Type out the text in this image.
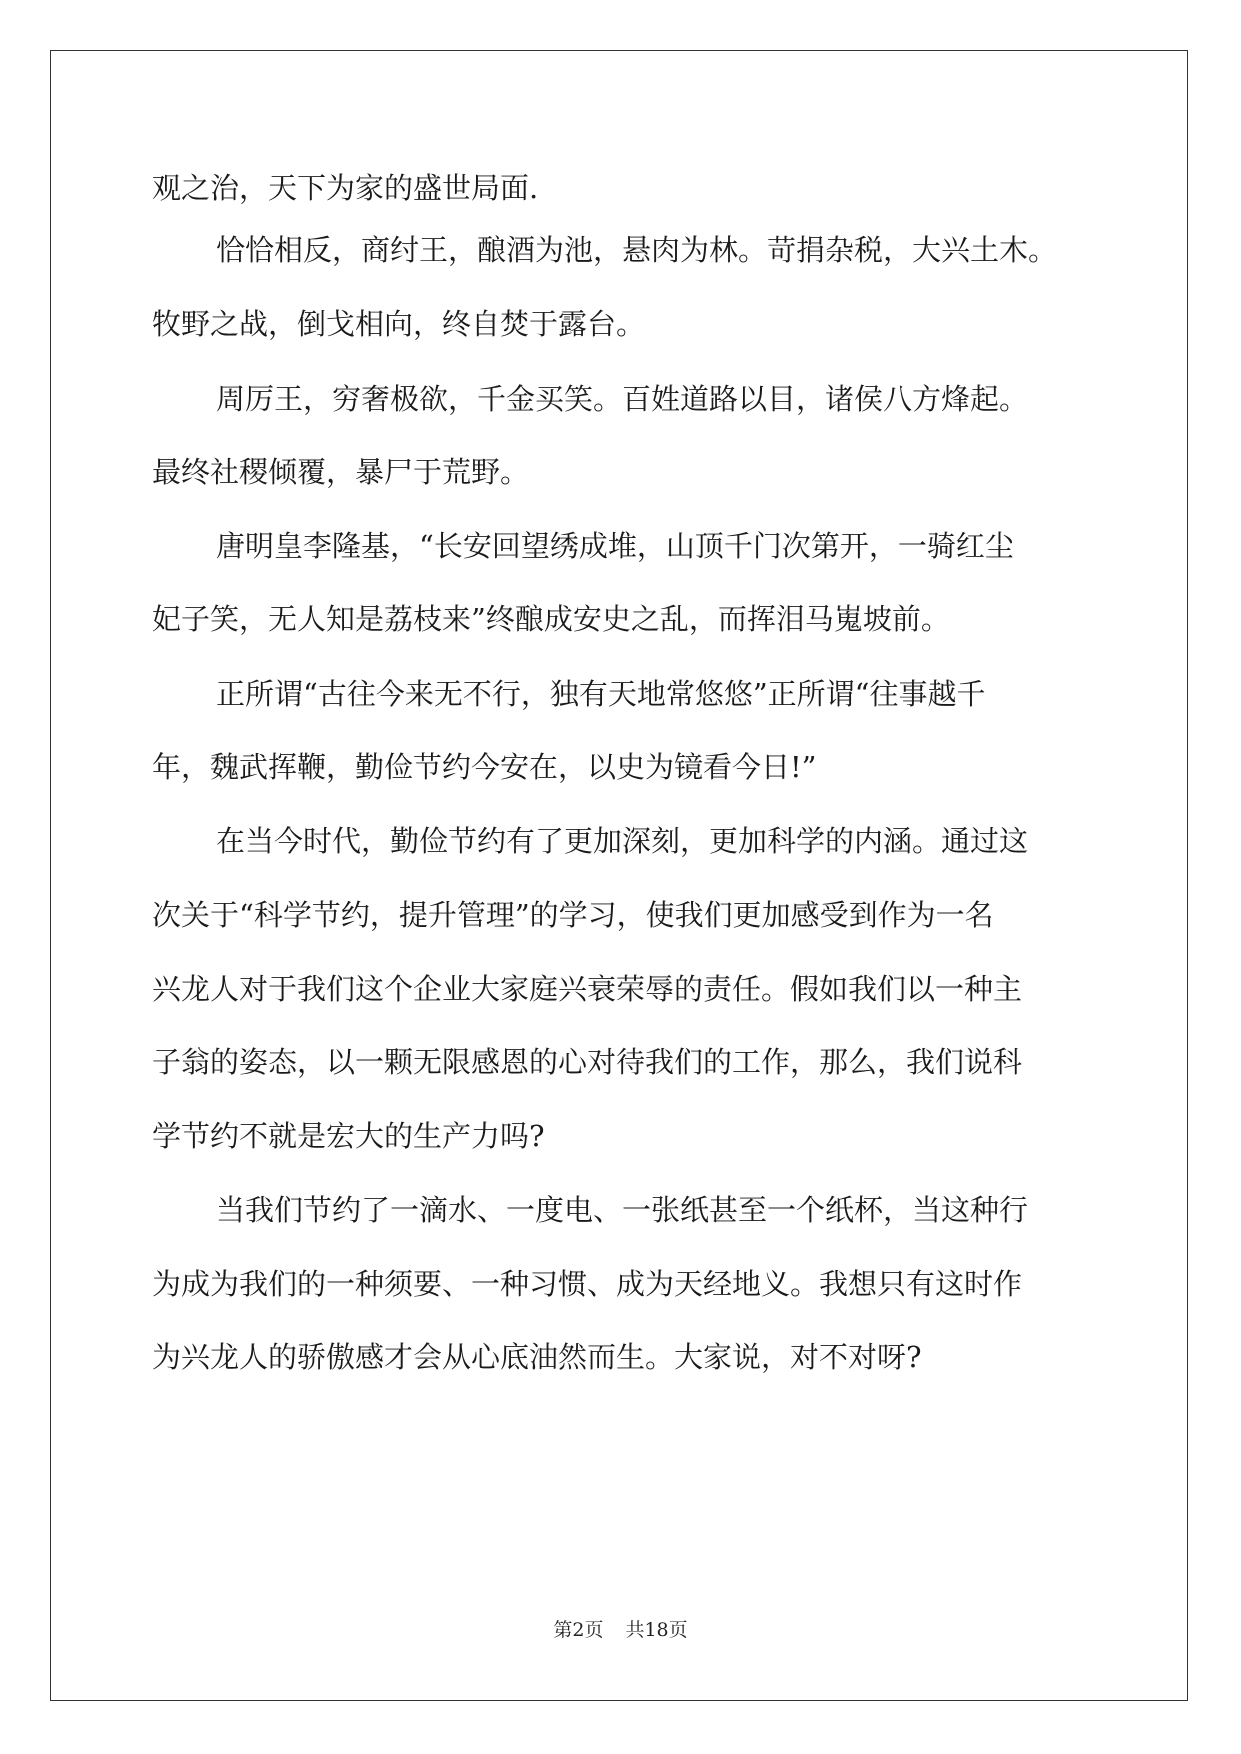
观之治，天下为家的盛世局面.

恰恰相反，商纣王，酿酒为池，悬肉为林。苛捐杂税，大兴土木。

牧野之战，倒戈相向，终自焚于露台。

周厉王，穷奢极欲，千金买笑。百姓道路以目，诸侯八方烽起。

最终社稷倾覆，暴尸于荒野。

唐明皇李隆基，“长安回望绣成堆，山顶千门次第开，一骑红尘

妃子笑，无人知是荔枝来”终酿成安史之乱，而挥泪马嵬坡前。

正所谓“古往今来无不行，独有天地常悠悠”正所谓“往事越千

年，魏武挥鞭，勤俭节约今安在，以史为镜看今日!”

在当今时代，勤俭节约有了更加深刻，更加科学的内涵。通过这

次关于“科学节约，提升管理”的学习，使我们更加感受到作为一名

兴龙人对于我们这个企业大家庭兴衰荣辱的责任。假如我们以一种主

子翁的姿态，以一颗无限感恩的心对待我们的工作，那么，我们说科

学节约不就是宏大的生产力吗?

当我们节约了一滴水、一度电、一张纸甚至一个纸杯，当这种行

为成为我们的一种须要、一种习惯、成为天经地义。我想只有这时作

为兴龙人的骄傲感才会从心底油然而生。大家说，对不对呀?

第2页 共18页
